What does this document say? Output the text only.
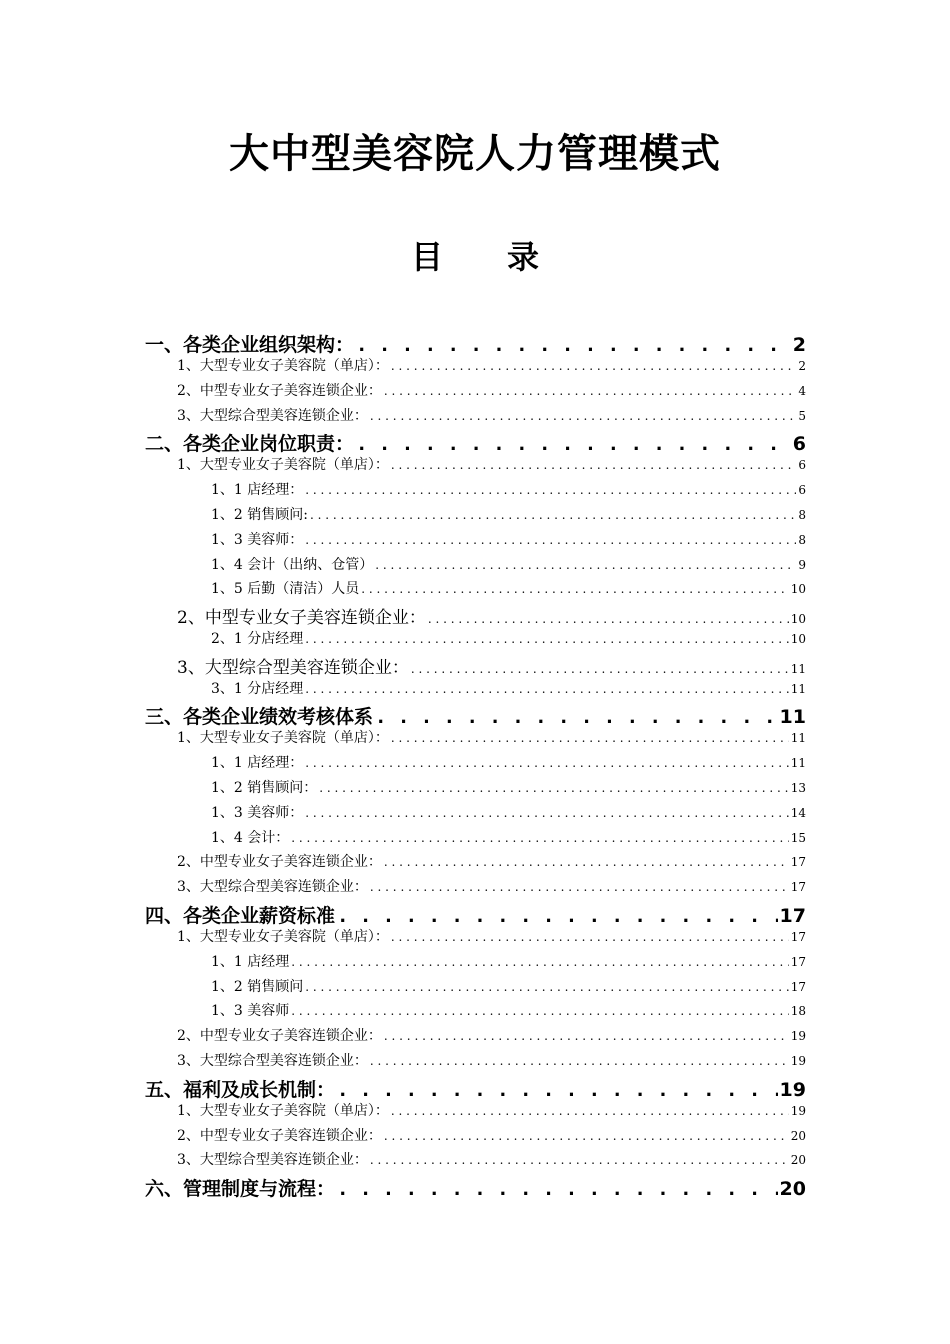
大中型美容院人力管理模式
目　　录
一、各类企业组织架构： . . .	2
1、大型专业女子美容院（单店）： . . .	2
2、中型专业女子美容连锁企业： . . .	4
3、大型综合型美容连锁企业： . . .	5
二、各类企业岗位职责： . . .	6
1、大型专业女子美容院（单店）： . . .	6
1、1 店经理： . . .	6
1、2 销售顾问: . . .	8
1、3 美容师： . . .	8
1、4 会计（出纳、仓管） . . .	9
1、5 后勤（清洁）人员 . . .	10
2、中型专业女子美容连锁企业： . . .	10
2、1 分店经理 . . .	10
3、大型综合型美容连锁企业： . . .	11
3、1 分店经理 . . .	11
三、各类企业绩效考核体系 . . .	11
1、大型专业女子美容院（单店）： . . .	11
1、1 店经理： . . .	11
1、2 销售顾问： . . .	13
1、3 美容师： . . .	14
1、4 会计： . . .	15
2、中型专业女子美容连锁企业： . . .	17
3、大型综合型美容连锁企业： . . .	17
四、各类企业薪资标准 . . .	17
1、大型专业女子美容院（单店）： . . .	17
1、1 店经理 . . .	17
1、2 销售顾问 . . .	17
1、3 美容师 . . .	18
2、中型专业女子美容连锁企业： . . .	19
3、大型综合型美容连锁企业： . . .	19
五、福利及成长机制： . . .	19
1、大型专业女子美容院（单店）： . . .	19
2、中型专业女子美容连锁企业： . . .	20
3、大型综合型美容连锁企业： . . .	20
六、管理制度与流程： . . .	20
